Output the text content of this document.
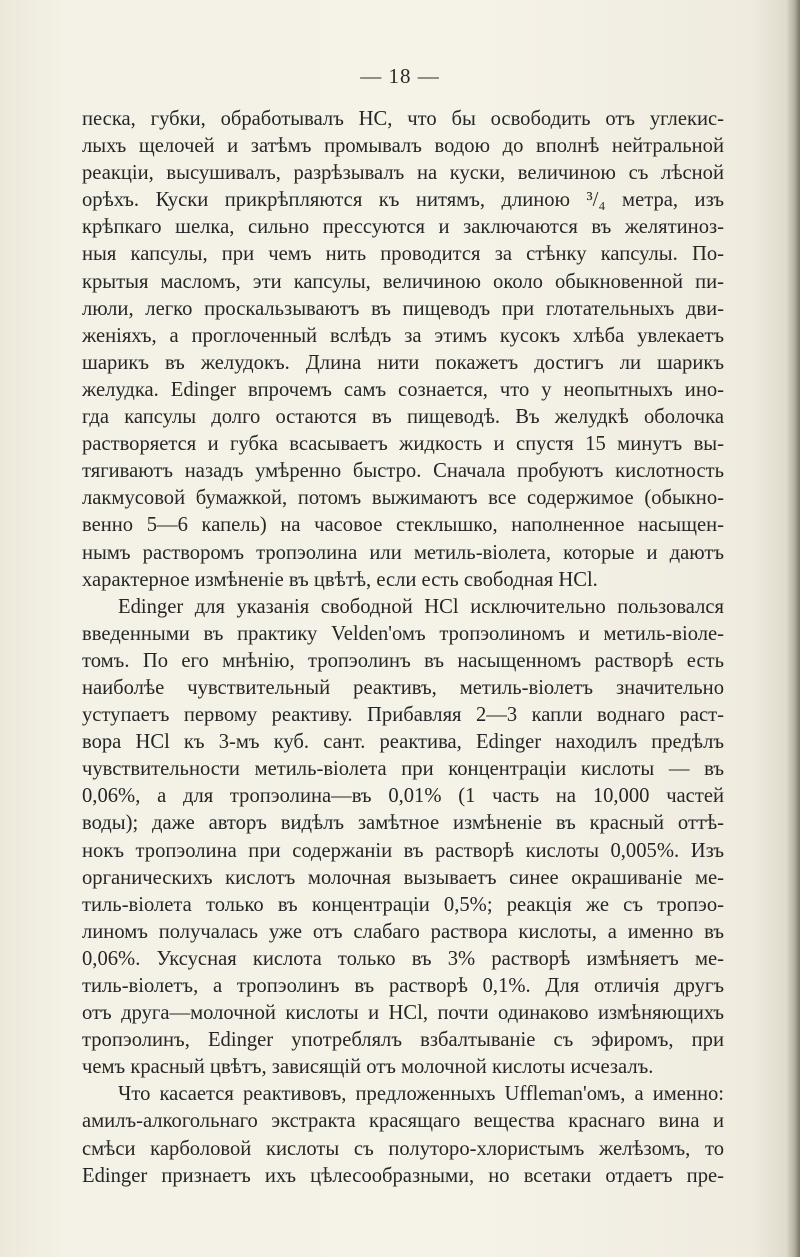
— 18 —
песка, губки, обработывалъ НС, что бы освободить отъ углекис-
лыхъ щелочей и затѣмъ промывалъ водою до вполнѣ нейтральной
реакціи, высушивалъ, разрѣзывалъ на куски, величиною съ лѣсной
орѣхъ. Куски прикрѣпляются къ нитямъ, длиною ³/₄ метра, изъ
крѣпкаго шелка, сильно прессуются и заключаются въ желятиноз-
ныя капсулы, при чемъ нить проводится за стѣнку капсулы. По-
крытыя масломъ, эти капсулы, величиною около обыкновенной пи-
люли, легко проскальзываютъ въ пищеводъ при глотательныхъ дви-
женіяхъ, а проглоченный вслѣдъ за этимъ кусокъ хлѣба увлекаетъ
шарикъ въ желудокъ. Длина нити покажетъ достигъ ли шарикъ
желудка. Edinger впрочемъ самъ сознается, что у неопытныхъ ино-
гда капсулы долго остаются въ пищеводѣ. Въ желудкѣ оболочка
растворяется и губка всасываетъ жидкость и спустя 15 минутъ вы-
тягиваютъ назадъ умѣренно быстро. Сначала пробуютъ кислотность
лакмусовой бумажкой, потомъ выжимаютъ все содержимое (обыкно-
венно 5—6 капель) на часовое стеклышко, наполненное насыщен-
нымъ растворомъ тропэолина или метиль-віолета, которые и даютъ
характерное измѣненіе въ цвѣтѣ, если есть свободная НСl.
Edinger для указанія свободной НСl исключительно пользовался
введенными въ практику Velden'омъ тропэолиномъ и метиль-віоле-
томъ. По его мнѣнію, тропэолинъ въ насыщенномъ растворѣ есть
наиболѣе чувствительный реактивъ, метиль-віолетъ значительно
уступаетъ первому реактиву. Прибавляя 2—3 капли воднаго раст-
вора НСl къ 3-мъ куб. сант. реактива, Edinger находилъ предѣлъ
чувствительности метиль-віолета при концентраціи кислоты — въ
0,06%, а для тропэолина—въ 0,01% (1 часть на 10,000 частей
воды); даже авторъ видѣлъ замѣтное измѣненіе въ красный оттѣ-
нокъ тропэолина при содержаніи въ растворѣ кислоты 0,005%. Изъ
органическихъ кислотъ молочная вызываетъ синее окрашиваніе ме-
тиль-віолета только въ концентраціи 0,5%; реакція же съ тропэо-
линомъ получалась уже отъ слабаго раствора кислоты, а именно въ
0,06%. Уксусная кислота только въ 3% растворѣ измѣняетъ ме-
тиль-віолетъ, а тропэолинъ въ растворѣ 0,1%. Для отличія другъ
отъ друга—молочной кислоты и НСl, почти одинаково измѣняющихъ
тропэолинъ, Edinger употреблялъ взбалтываніе съ эфиромъ, при
чемъ красный цвѣтъ, зависящій отъ молочной кислоты исчезалъ.
Что касается реактивовъ, предложенныхъ Uffleman'омъ, а именно:
амилъ-алкогольнаго экстракта красящаго вещества краснаго вина и
смѣси карболовой кислоты съ полуторо-хлористымъ желѣзомъ, то
Edinger признаетъ ихъ цѣлесообразными, но всетаки отдаетъ пре-
